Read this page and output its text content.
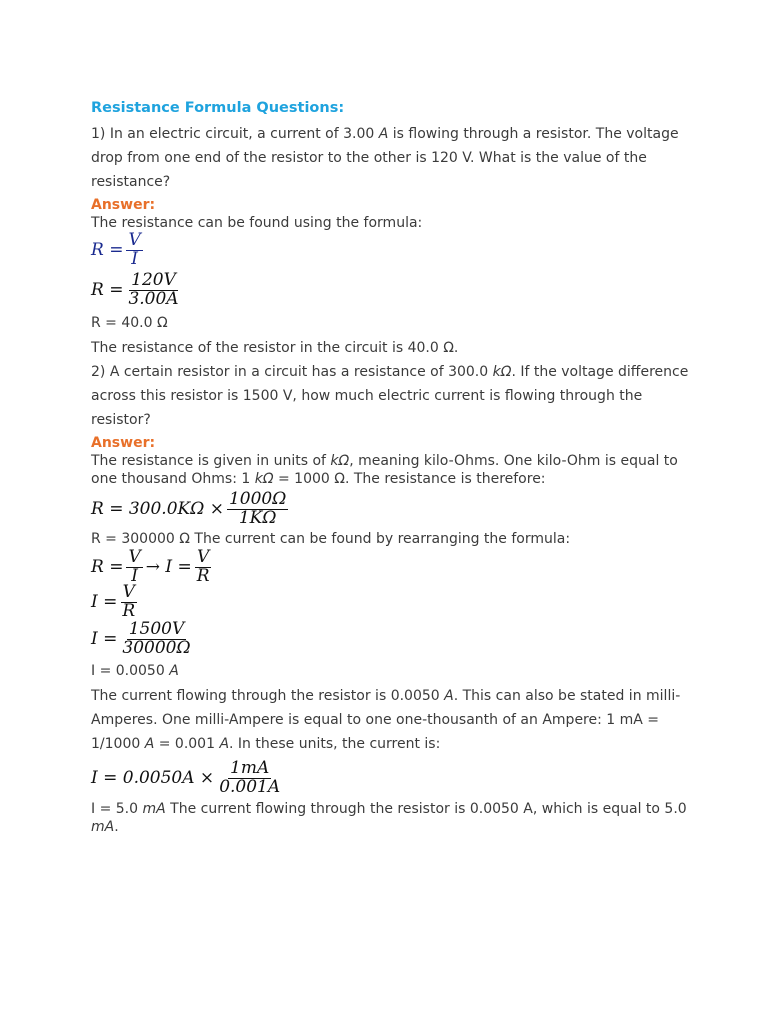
Resistance Formula Questions:

1) In an electric circuit, a current of 3.00 A is flowing through a resistor. The voltage drop from one end of the resistor to the other is 120 V. What is the value of the resistance?

Answer:

The resistance can be found using the formula:

$R = \frac{V}{I}$
$R = \frac{120V}{3.00A}$

R = 40.0 Ω

The resistance of the resistor in the circuit is 40.0 Ω.

2) A certain resistor in a circuit has a resistance of 300.0 kΩ. If the voltage difference across this resistor is 1500 V, how much electric current is flowing through the resistor?

Answer:

The resistance is given in units of kΩ, meaning kilo-Ohms. One kilo-Ohm is equal to one thousand Ohms: 1 kΩ = 1000 Ω. The resistance is therefore:

$R = 300.0K\Omega \times \frac{1000\Omega}{1K\Omega}$

R = 300000 Ω The current can be found by rearranging the formula:

$R = \frac{V}{I} \to I = \frac{V}{R}$
$I = \frac{V}{R}$
$I = \frac{1500V}{30000\Omega}$

I = 0.0050 A

The current flowing through the resistor is 0.0050 A. This can also be stated in milli-Amperes. One milli-Ampere is equal to one one-thousanth of an Ampere: 1 mA = 1/1000 A = 0.001 A. In these units, the current is:

$I = 0.0050A \times \frac{1mA}{0.001A}$

I = 5.0 mA The current flowing through the resistor is 0.0050 A, which is equal to 5.0 mA.
